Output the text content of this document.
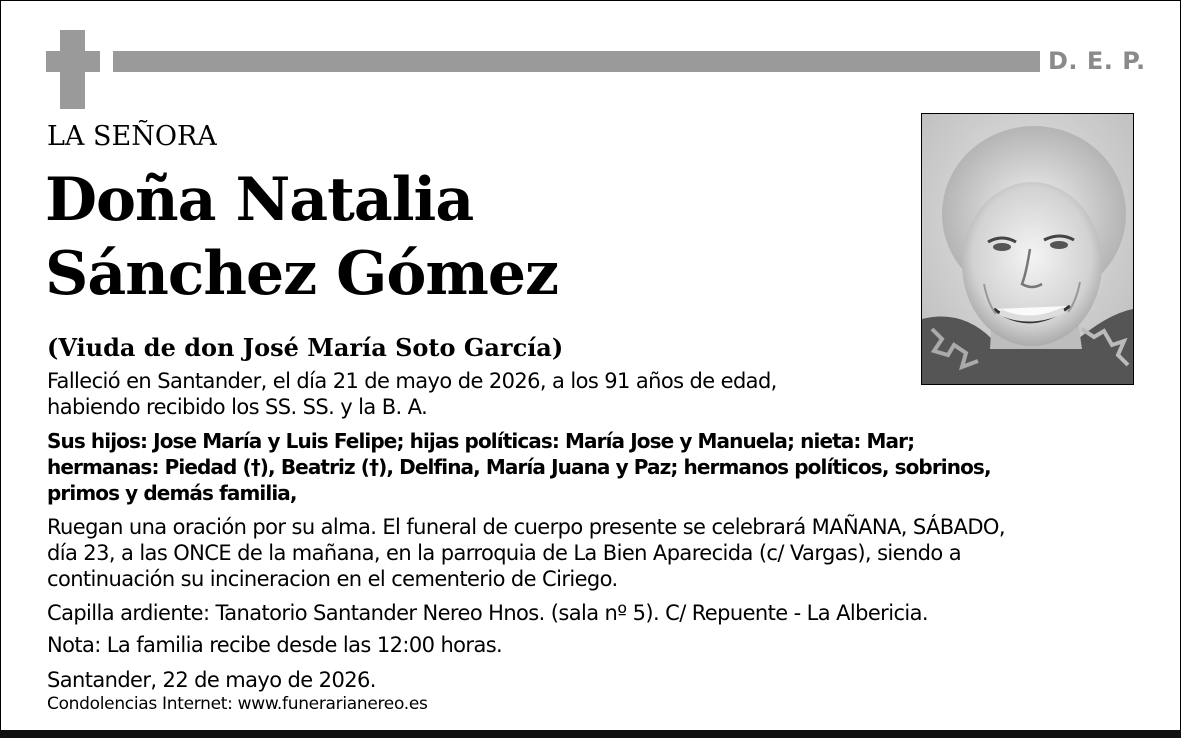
D. E. P.
LA SEÑORA
Doña Natalia
Sánchez Gómez
(Viuda de don José María Soto García)
Falleció en Santander, el día 21 de mayo de 2026, a los 91 años de edad,
habiendo recibido los SS. SS. y la B. A.
Sus hijos: Jose María y Luis Felipe; hijas políticas: María Jose y Manuela; nieta: Mar;
hermanas: Piedad (†), Beatriz (†), Delfina, María Juana y Paz; hermanos políticos, sobrinos,
primos y demás familia,
Ruegan una oración por su alma. El funeral de cuerpo presente se celebrará MAÑANA, SÁBADO,
día 23, a las ONCE de la mañana, en la parroquia de La Bien Aparecida (c/ Vargas), siendo a
continuación su incineracion en el cementerio de Ciriego.
Capilla ardiente: Tanatorio Santander Nereo Hnos. (sala nº 5). C/ Repuente - La Albericia.
Nota: La familia recibe desde las 12:00 horas.
Santander, 22 de mayo de 2026.
Condolencias Internet: www.funerarianereo.es
